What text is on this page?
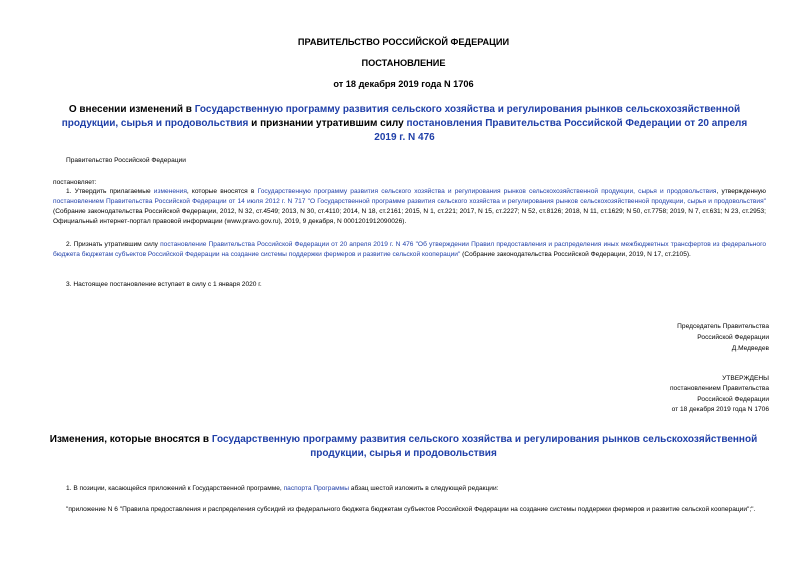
ПРАВИТЕЛЬСТВО РОССИЙСКОЙ ФЕДЕРАЦИИ
ПОСТАНОВЛЕНИЕ
от 18 декабря 2019 года N 1706
О внесении изменений в Государственную программу развития сельского хозяйства и регулирования рынков сельскохозяйственной продукции, сырья и продовольствия и признании утратившим силу постановления Правительства Российской Федерации от 20 апреля 2019 г. N 476
Правительство Российской Федерации
постановляет:
1. Утвердить прилагаемые изменения, которые вносятся в Государственную программу развития сельского хозяйства и регулирования рынков сельскохозяйственной продукции, сырья и продовольствия, утвержденную постановлением Правительства Российской Федерации от 14 июля 2012 г. N 717 "О Государственной программе развития сельского хозяйства и регулирования рынков сельскохозяйственной продукции, сырья и продовольствия" (Собрание законодательства Российской Федерации, 2012, N 32, ст.4549; 2013, N 30, ст.4110; 2014, N 18, ст.2161; 2015, N 1, ст.221; 2017, N 15, ст.2227; N 52, ст.8126; 2018, N 11, ст.1629; N 50, ст.7758; 2019, N 7, ст.631; N 23, ст.2953; Официальный интернет-портал правовой информации (www.pravo.gov.ru), 2019, 9 декабря, N 0001201912090026).
2. Признать утратившим силу постановление Правительства Российской Федерации от 20 апреля 2019 г. N 476 "Об утверждении Правил предоставления и распределения иных межбюджетных трансфертов из федерального бюджета бюджетам субъектов Российской Федерации на создание системы поддержки фермеров и развитие сельской кооперации" (Собрание законодательства Российской Федерации, 2019, N 17, ст.2105).
3. Настоящее постановление вступает в силу с 1 января 2020 г.
Председатель Правительства
Российской Федерации
Д.Медведев
УТВЕРЖДЕНЫ
постановлением Правительства
Российской Федерации
от 18 декабря 2019 года N 1706
Изменения, которые вносятся в Государственную программу развития сельского хозяйства и регулирования рынков сельскохозяйственной продукции, сырья и продовольствия
1. В позиции, касающейся приложений к Государственной программе, паспорта Программы абзац шестой изложить в следующей редакции:
"приложение N 6 "Правила предоставления и распределения субсидий из федерального бюджета бюджетам субъектов Российской Федерации на создание системы поддержки фермеров и развитие сельской кооперации";".
